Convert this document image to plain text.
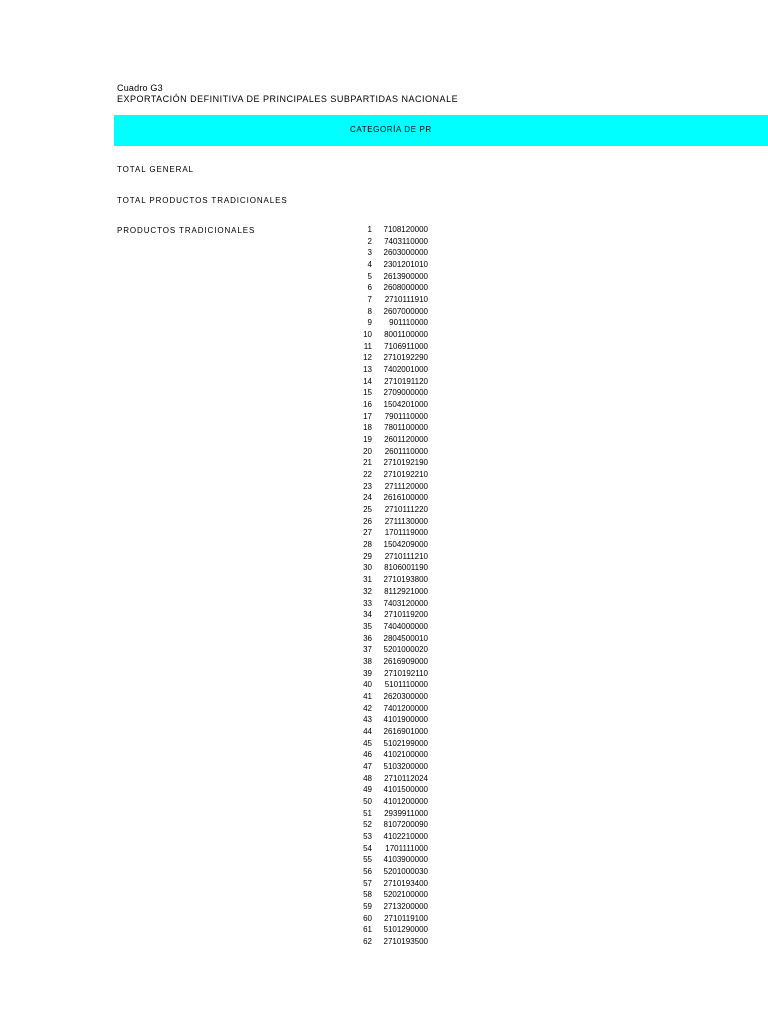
Cuadro G3
EXPORTACIÓN DEFINITIVA DE PRINCIPALES SUBPARTIDAS NACIONALE
CATEGORÍA DE PR
TOTAL GENERAL
TOTAL PRODUCTOS TRADICIONALES
PRODUCTOS TRADICIONALES	1 7108120000
2 7403110000
3 2603000000
4 2301201010
5 2613900000
6 2608000000
7 2710111910
8 2607000000
9 901110000
10 8001100000
11 7106911000
12 2710192290
13 7402001000
14 2710191120
15 2709000000
16 1504201000
17 7901110000
18 7801100000
19 2601120000
20 2601110000
21 2710192190
22 2710192210
23 2711120000
24 2616100000
25 2710111220
26 2711130000
27 1701119000
28 1504209000
29 2710111210
30 8106001190
31 2710193800
32 8112921000
33 7403120000
34 2710119200
35 7404000000
36 2804500010
37 5201000020
38 2616909000
39 2710192110
40 5101110000
41 2620300000
42 7401200000
43 4101900000
44 2616901000
45 5102199000
46 4102100000
47 5103200000
48 2710112024
49 4101500000
50 4101200000
51 2939911000
52 8107200090
53 4102210000
54 1701111000
55 4103900000
56 5201000030
57 2710193400
58 5202100000
59 2713200000
60 2710119100
61 5101290000
62 2710193500
